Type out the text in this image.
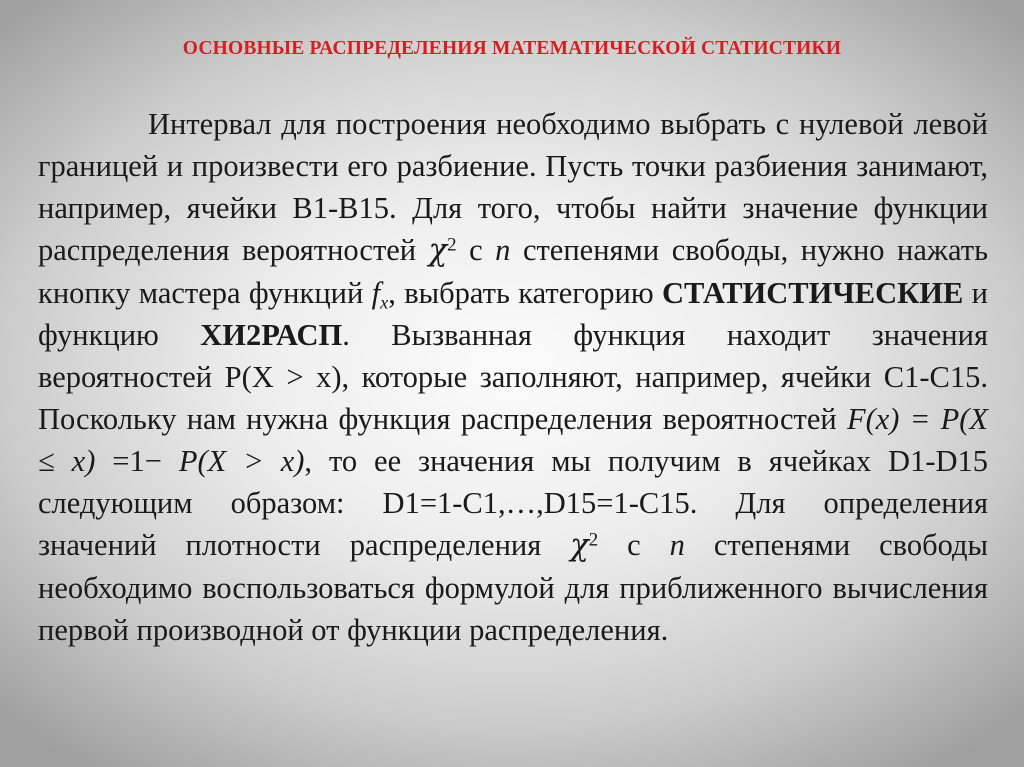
ОСНОВНЫЕ РАСПРЕДЕЛЕНИЯ МАТЕМАТИЧЕСКОЙ СТАТИСТИКИ

Интервал для построения необходимо выбрать с нулевой левой границей и произвести его разбиение. Пусть точки разбиения занимают, например, ячейки B1-B15. Для того, чтобы найти значение функции распределения вероятностей $\chi^2$ с n степенями свободы, нужно нажать кнопку мастера функций $f_x$, выбрать категорию СТАТИСТИЧЕСКИЕ и функцию ХИ2РАСП. Вызванная функция находит значения вероятностей P(X > x), которые заполняют, например, ячейки C1-C15. Поскольку нам нужна функция распределения вероятностей F(x) = P(X ≤ x) =1− P(X > x), то ее значения мы получим в ячейках D1-D15 следующим образом: D1=1-C1,…,D15=1-C15. Для определения значений плотности распределения $\chi^2$ с n степенями свободы необходимо воспользоваться формулой для приближенного вычисления первой производной от функции распределения.
